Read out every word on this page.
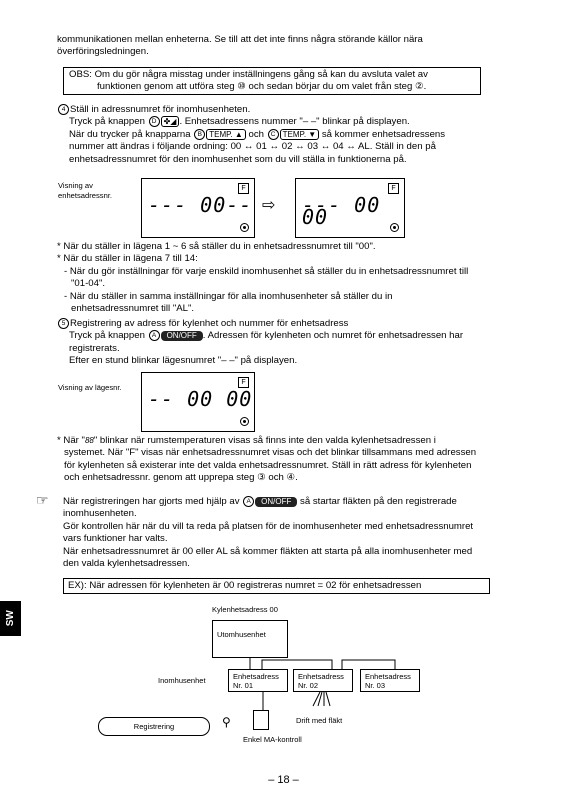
kommunikationen mellan enheterna. Se till att det inte finns några störande källor nära
överföringsledningen.
OBS: Om du gör några misstag under inställningens gång så kan du avsluta valet av
funktionen genom att utföra steg ⑩ och sedan börjar du om valet från steg ②.
4 Ställ in adressnumret för inomhusenheten.
Tryck på knappen D ✤◢ . Enhetsadressens nummer "– –" blinkar på displayen.
När du trycker på knapparna B TEMP. ▲ och C TEMP. ▼ så kommer enhetsadressens
nummer att ändras i följande ordning: 00 ↔ 01 ↔ 02 ↔ 03 ↔ 04 ↔ AL. Ställ in den på
enhetsadressnumret för den inomhusenhet som du vill ställa in funktionerna på.
Visning av
enhetsadressnr.
F
--- 00-- ⇨
F
--- 00 00
* När du ställer in lägena 1 ~ 6 så ställer du in enhetsadressnumret till "00".
* När du ställer in lägena 7 till 14:
- När du gör inställningar för varje enskild inomhusenhet så ställer du in enhetsadressnumret till
"01-04".
- När du ställer in samma inställningar för alla inomhusenheter så ställer du in
enhetsadressnumret till "AL".
5 Registrering av adress för kylenhet och nummer för enhetsadress
Tryck på knappen A ON/OFF . Adressen för kylenheten och numret för enhetsadressen har
registrerats.
Efter en stund blinkar lägesnumret "– –" på displayen.
Visning av lägesnr.
F
-- 00 00
* När "88" blinkar när rumstemperaturen visas så finns inte den valda kylenhetsadressen i
systemet. När "F" visas när enhetsadressnumret visas och det blinkar tillsammans med adressen
för kylenheten så existerar inte det valda enhetsadressnumret. Ställ in rätt adress för kylenheten
och enhetsadressnr. genom att upprepa steg ③ och ④.
☞ När registreringen har gjorts med hjälp av A ON/OFF så startar fläkten på den registrerade
inomhusenheten.
Gör kontrollen här när du vill ta reda på platsen för de inomhusenheter med enhetsadressnumret
vars funktioner har valts.
När enhetsadressnumret är 00 eller AL så kommer fläkten att starta på alla inomhusenheter med
den valda kylenhetsadressen.
EX): När adressen för kylenheten är 00 registreras numret = 02 för enhetsadressen
Kylenhetsadress 00
Utomhusenhet
Inomhusenhet	Enhetsadress
Nr. 01
Enhetsadress
Nr. 02
Enhetsadress
Nr. 03
Drift med fläkt
Registrering	⚲
Enkel MA-kontroll
SW
– 18 –
